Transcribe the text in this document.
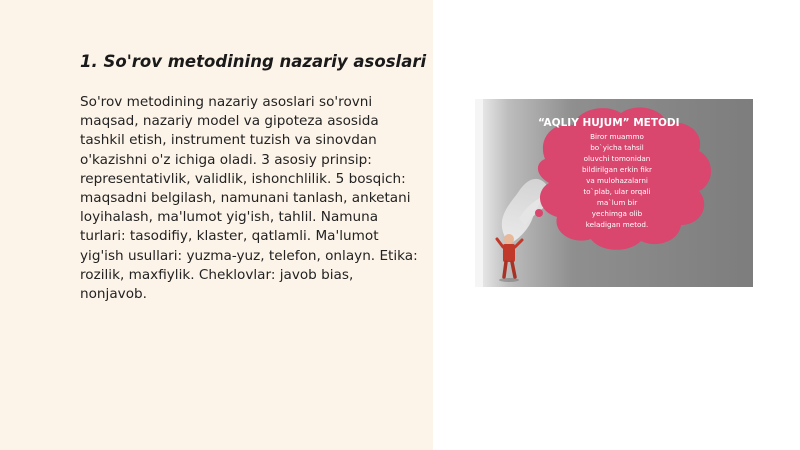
1. So'rov metodining nazariy asoslari

So'rov metodining nazariy asoslari so'rovni maqsad, nazariy model va gipoteza asosida tashkil etish, instrument tuzish va sinovdan o'kazishni o'z ichiga oladi. 3 asosiy prinsip: representativlik, validlik, ishonchlilik. 5 bosqich: maqsadni belgilash, namunani tanlash, anketani loyihalash, ma'lumot yig'ish, tahlil. Namuna turlari: tasodifiy, klaster, qatlamli. Ma'lumot yig'ish usullari: yuzma-yuz, telefon, onlayn. Etika: rozilik, maxfiylik. Cheklovlar: javob bias, nonjavob.

“AQLIY HUJUM” METODI
Biror muammo
bo`yicha tahsil
oluvchi tomonidan
bildirilgan erkin fikr
va mulohazalarni
to`plab, ular orqali
ma`lum bir
yechimga olib
keladigan metod.
